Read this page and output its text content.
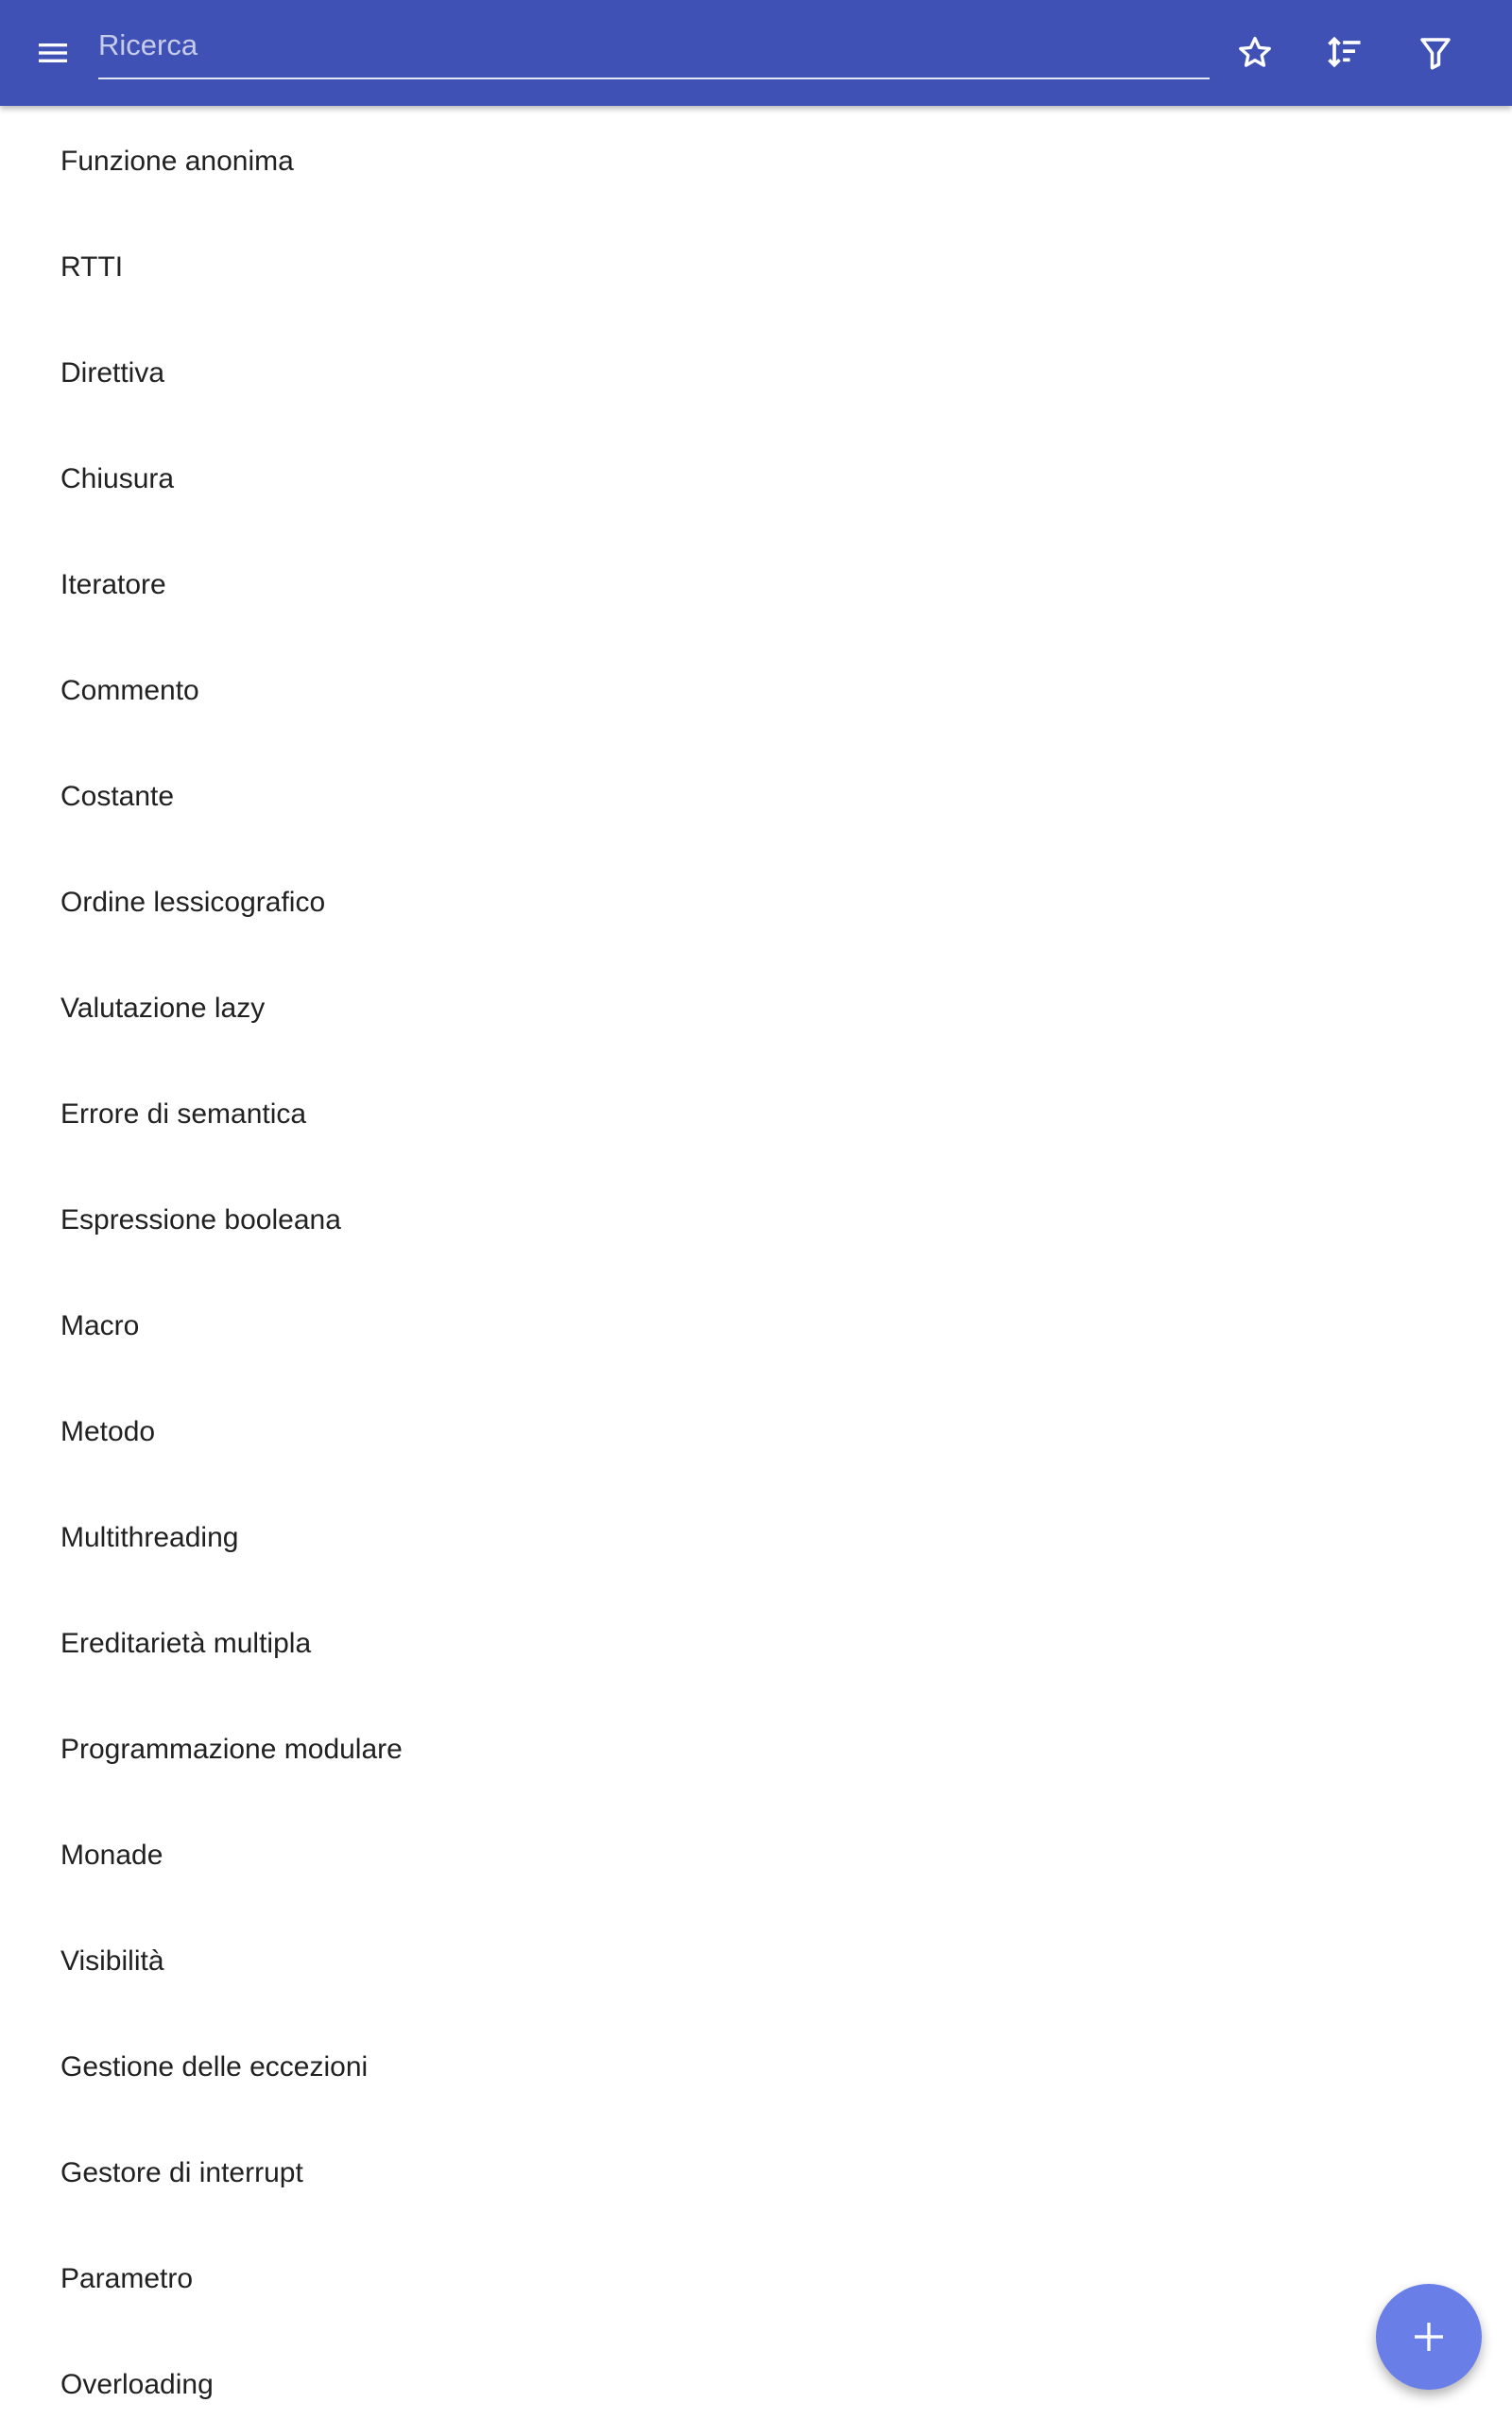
Ricerca
Funzione anonima
RTTI
Direttiva
Chiusura
Iteratore
Commento
Costante
Ordine lessicografico
Valutazione lazy
Errore di semantica
Espressione booleana
Macro
Metodo
Multithreading
Ereditarietà multipla
Programmazione modulare
Monade
Visibilità
Gestione delle eccezioni
Gestore di interrupt
Parametro
Overloading
